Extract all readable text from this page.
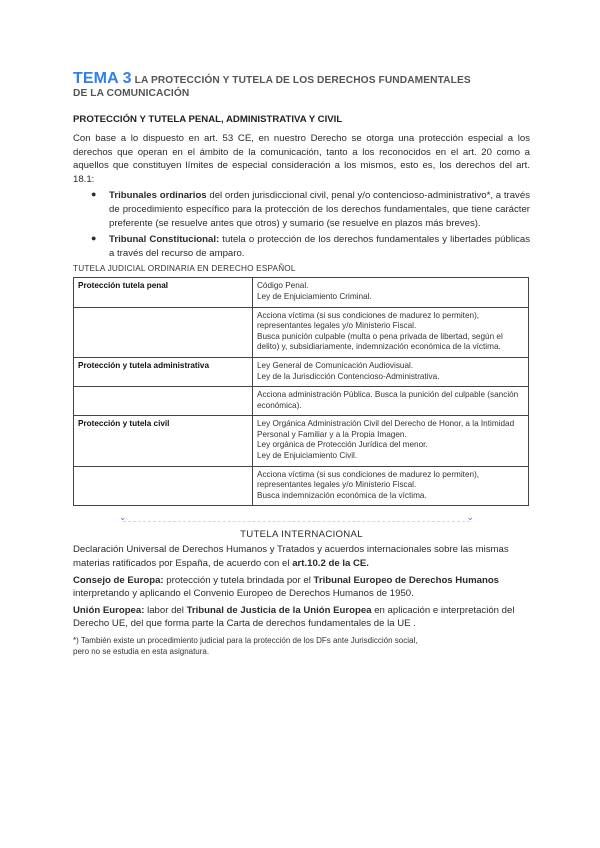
TEMA 3 LA PROTECCIÓN Y TUTELA DE LOS DERECHOS FUNDAMENTALES
DE LA COMUNICACIÓN
PROTECCIÓN Y TUTELA PENAL, ADMINISTRATIVA Y CIVIL

Con base a lo dispuesto en art. 53 CE, en nuestro Derecho se otorga una protección especial a los derechos que operan en el ámbito de la comunicación, tanto a los reconocidos en el art. 20 como a aquellos que constituyen límites de especial consideración a los mismos, esto es, los derechos del art. 18.1:

● Tribunales ordinarios del orden jurisdiccional civil, penal y/o contencioso-administrativo*, a través de procedimiento específico para la protección de los derechos fundamentales, que tiene carácter preferente (se resuelve antes que otros) y sumario (se resuelve en plazos más breves).

● Tribunal Constitucional: tutela o protección de los derechos fundamentales y libertades públicas a través del recurso de amparo.

TUTELA JUDICIAL ORDINARIA EN DERECHO ESPAÑOL
Protección tutela penal	Código Penal.
Ley de Enjuiciamiento Criminal.

	Acciona víctima (si sus condiciones de madurez lo permiten), representantes legales y/o Ministerio Fiscal.
Busca punición culpable (multa o pena privada de libertad, según el delito) y, subsidiariamente, indemnización económica de la víctima.

Protección y tutela administrativa	Ley General de Comunicación Audiovisual.
Ley de la Jurisdicción Contencioso-Administrativa.

	Acciona administración Pública. Busca la punición del culpable (sanción económica).

Protección y tutela civil	Ley Orgánica Administración Civil del Derecho de Honor, a la Intimidad Personal y Familiar y a la Propia Imagen.
Ley orgánica de Protección Jurídica del menor.
Ley de Enjuiciamiento Civil.

	Acciona víctima (si sus condiciones de madurez lo permiten), representantes legales y/o Ministerio Fiscal.
Busca indemnización económica de la víctima.
⌄	⌄
TUTELA INTERNACIONAL

Declaración Universal de Derechos Humanos y Tratados y acuerdos internacionales sobre las mismas materias ratificados por España, de acuerdo con el art.10.2 de la CE.

Consejo de Europa: protección y tutela brindada por el Tribunal Europeo de Derechos Humanos interpretando y aplicando el Convenio Europeo de Derechos Humanos de 1950.

Unión Europea: labor del Tribunal de Justicia de la Unión Europea en aplicación e interpretación del Derecho UE, del que forma parte la Carta de derechos fundamentales de la UE .

*) También existe un procedimiento judicial para la protección de los DFs ante Jurisdicción social,
pero no se estudia en esta asignatura.
